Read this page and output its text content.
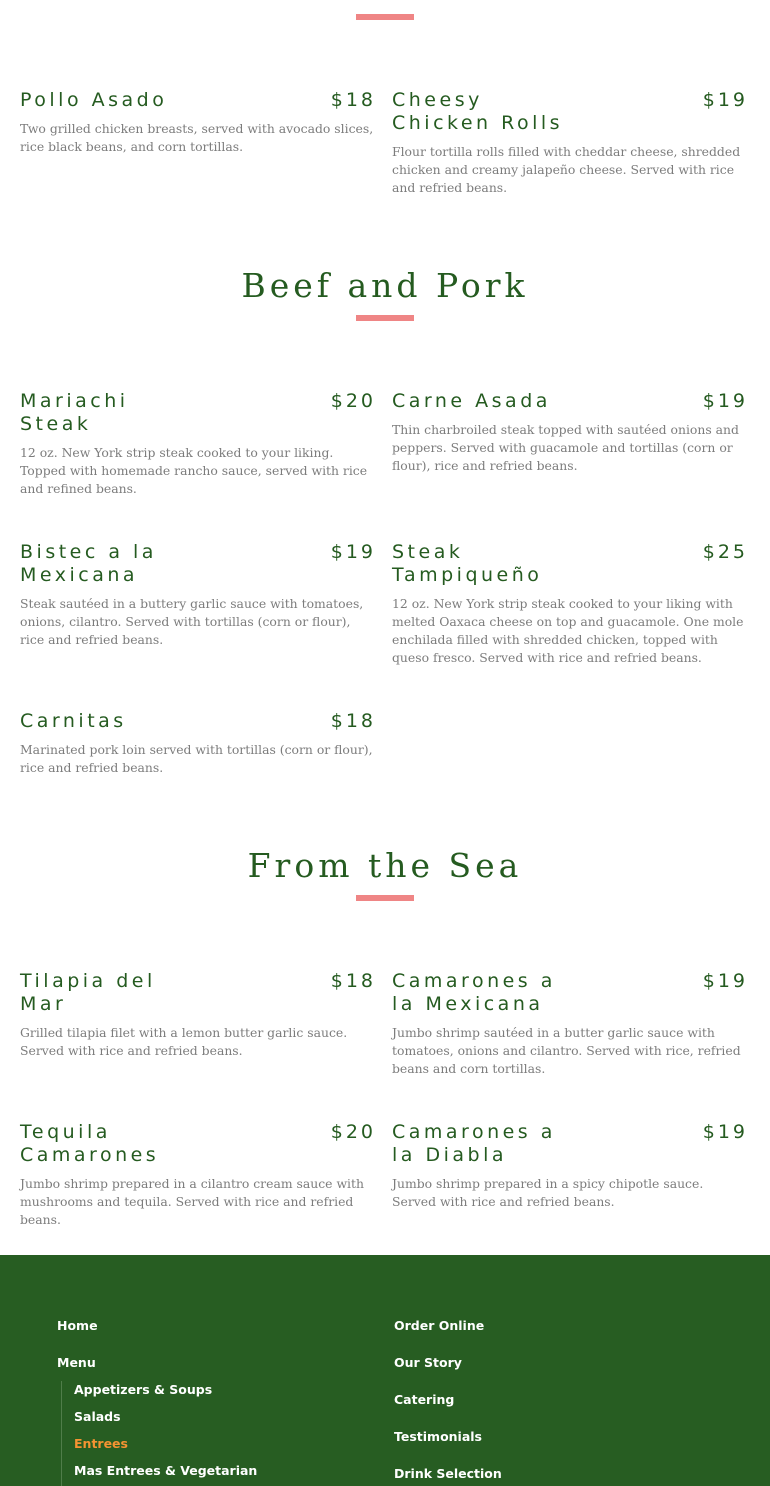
Pollo Asado	$18

Two grilled chicken breasts, served with avocado slices, rice black beans, and corn tortillas.

Cheesy Chicken Rolls
$19

Flour tortilla rolls filled with cheddar cheese, shredded chicken and creamy jalapeño cheese. Served with rice and refried beans.

Beef and Pork
Mariachi Steak
$20

12 oz. New York strip steak cooked to your liking. Topped with homemade rancho sauce, served with rice and refined beans.

Carne Asada	$19

Thin charbroiled steak topped with sautéed onions and peppers. Served with guacamole and tortillas (corn or flour), rice and refried beans.

Bistec a la Mexicana
$19

Steak sautéed in a buttery garlic sauce with tomatoes, onions, cilantro. Served with tortillas (corn or flour), rice and refried beans.

Steak Tampiqueño
$25

12 oz. New York strip steak cooked to your liking with melted Oaxaca cheese on top and guacamole. One mole enchilada filled with shredded chicken, topped with queso fresco. Served with rice and refried beans.

Carnitas	$18

Marinated pork loin served with tortillas (corn or flour), rice and refried beans.

From the Sea
Tilapia del Mar
$18

Grilled tilapia filet with a lemon butter garlic sauce. Served with rice and refried beans.

Camarones a la Mexicana
$19

Jumbo shrimp sautéed in a butter garlic sauce with tomatoes, onions and cilantro. Served with rice, refried beans and corn tortillas.

Tequila Camarones
$20

Jumbo shrimp prepared in a cilantro cream sauce with mushrooms and tequila. Served with rice and refried beans.

Camarones a la Diabla
$19

Jumbo shrimp prepared in a spicy chipotle sauce. Served with rice and refried beans.

Home
Menu
Appetizers & Soups
Salads
Entrees
Mas Entrees & Vegetarian
Order Online
Our Story
Catering
Testimonials
Drink Selection
